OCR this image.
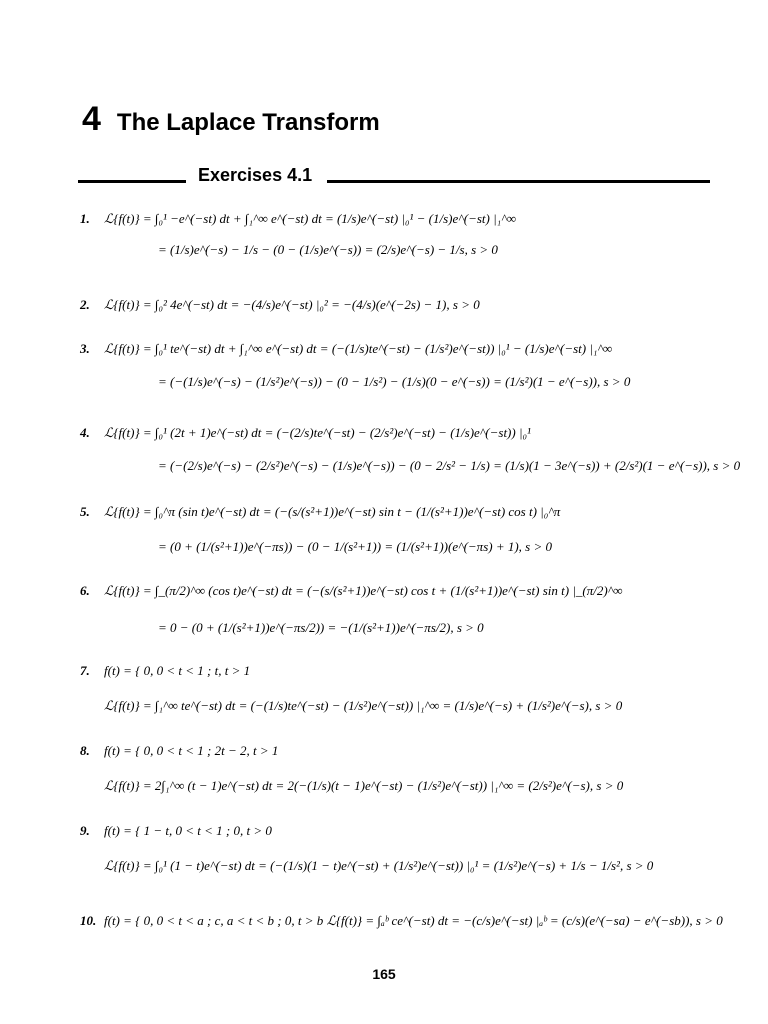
4 The Laplace Transform
Exercises 4.1
1. ℒ{f(t)} = ∫₀¹ −e^(−st) dt + ∫₁^∞ e^(−st) dt = (1/s)e^(−st) |₀¹ − (1/s)e^(−st) |₁^∞
= (1/s)e^(−s) − 1/s − (0 − (1/s)e^(−s)) = (2/s)e^(−s) − 1/s, s > 0
2. ℒ{f(t)} = ∫₀² 4e^(−st) dt = −(4/s)e^(−st) |₀² = −(4/s)(e^(−2s) − 1), s > 0
3. ℒ{f(t)} = ∫₀¹ te^(−st) dt + ∫₁^∞ e^(−st) dt = (−(1/s)te^(−st) − (1/s²)e^(−st)) |₀¹ − (1/s)e^(−st) |₁^∞
= (−(1/s)e^(−s) − (1/s²)e^(−s)) − (0 − 1/s²) − (1/s)(0 − e^(−s)) = (1/s²)(1 − e^(−s)), s > 0
4. ℒ{f(t)} = ∫₀¹ (2t + 1)e^(−st) dt = (−(2/s)te^(−st) − (2/s²)e^(−st) − (1/s)e^(−st)) |₀¹
= (−(2/s)e^(−s) − (2/s²)e^(−s) − (1/s)e^(−s)) − (0 − 2/s² − 1/s) = (1/s)(1 − 3e^(−s)) + (2/s²)(1 − e^(−s)), s > 0
5. ℒ{f(t)} = ∫₀^π (sin t)e^(−st) dt = (−(s/(s²+1))e^(−st) sin t − (1/(s²+1))e^(−st) cos t) |₀^π
= (0 + (1/(s²+1))e^(−πs)) − (0 − 1/(s²+1)) = (1/(s²+1))(e^(−πs) + 1), s > 0
6. ℒ{f(t)} = ∫_(π/2)^∞ (cos t)e^(−st) dt = (−(s/(s²+1))e^(−st) cos t + (1/(s²+1))e^(−st) sin t) |_(π/2)^∞
= 0 − (0 + (1/(s²+1))e^(−πs/2)) = −(1/(s²+1))e^(−πs/2), s > 0
7. f(t) = { 0, 0 < t < 1 ; t, t > 1
ℒ{f(t)} = ∫₁^∞ te^(−st) dt = (−(1/s)te^(−st) − (1/s²)e^(−st)) |₁^∞ = (1/s)e^(−s) + (1/s²)e^(−s), s > 0
8. f(t) = { 0, 0 < t < 1 ; 2t − 2, t > 1
ℒ{f(t)} = 2∫₁^∞ (t − 1)e^(−st) dt = 2(−(1/s)(t − 1)e^(−st) − (1/s²)e^(−st)) |₁^∞ = (2/s²)e^(−s), s > 0
9. f(t) = { 1 − t, 0 < t < 1 ; 0, t > 0
ℒ{f(t)} = ∫₀¹ (1 − t)e^(−st) dt = (−(1/s)(1 − t)e^(−st) + (1/s²)e^(−st)) |₀¹ = (1/s²)e^(−s) + 1/s − 1/s², s > 0
10. f(t) = { 0, 0 < t < a ; c, a < t < b ; 0, t > b ℒ{f(t)} = ∫ₐᵇ ce^(−st) dt = −(c/s)e^(−st) |ₐᵇ = (c/s)(e^(−sa) − e^(−sb)), s > 0
165
